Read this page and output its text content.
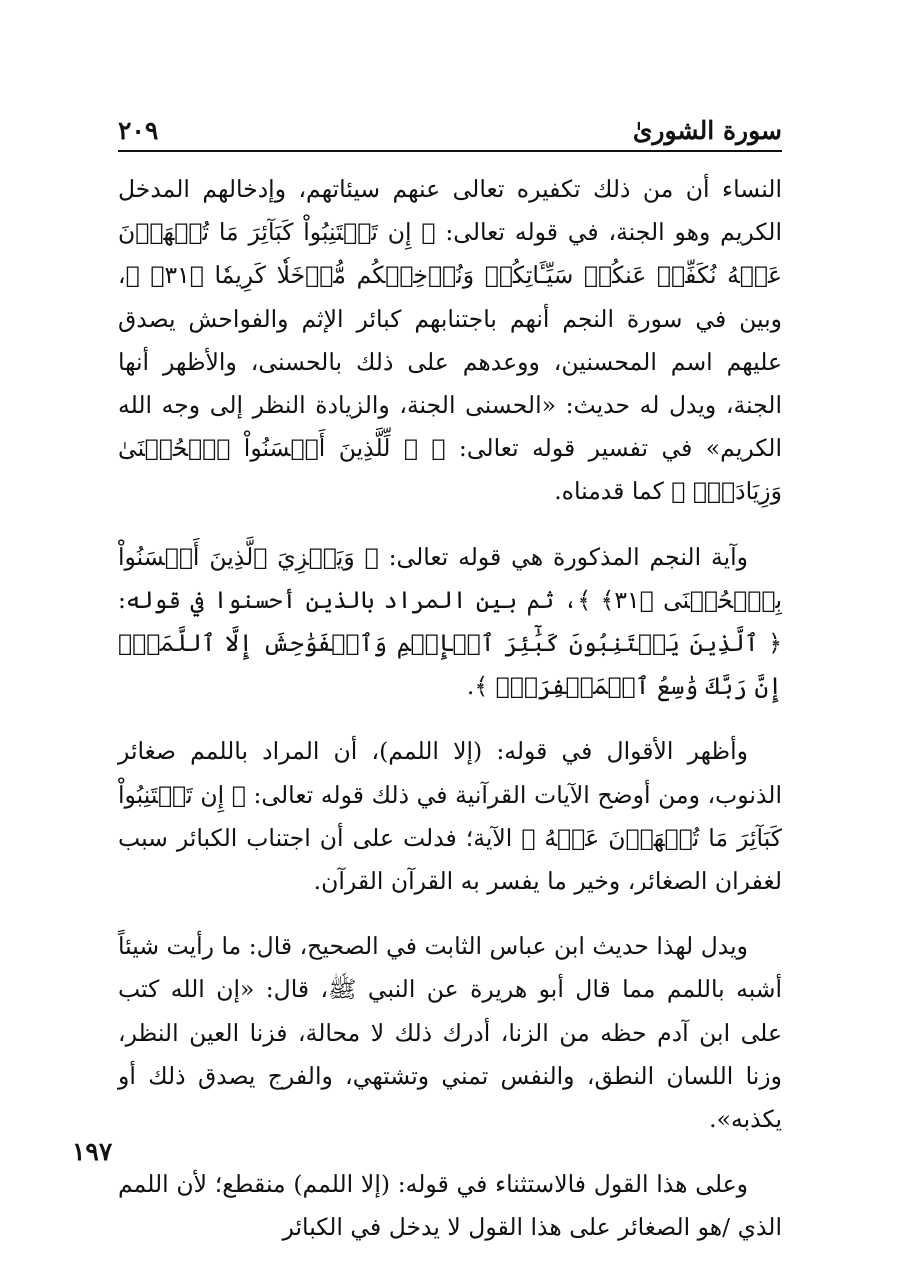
سورة الشورىٰ
٢٠٩

النساء أن من ذلك تكفيره تعالى عنهم سيئاتهم، وإدخالهم المدخل الكريم وهو الجنة، في قوله تعالى: ﴿ إِن تَجۡتَنِبُواْ كَبَآئِرَ مَا تُنۡهَوۡنَ عَنۡهُ نُكَفِّرۡ عَنكُمۡ سَيِّـَٔاتِكُمۡ وَنُدۡخِلۡكُم مُّدۡخَلٗا كَرِيمٗا ﴿٣١﴾ ﴾، وبين في سورة النجم أنهم باجتنابهم كبائر الإثم والفواحش يصدق عليهم اسم المحسنين، ووعدهم على ذلك بالحسنى، والأظهر أنها الجنة، ويدل له حديث: «الحسنى الجنة، والزيادة النظر إلى وجه الله الكريم» في تفسير قوله تعالى: ﴿ ۞ لِّلَّذِينَ أَحۡسَنُواْ ٱلۡحُسۡنَىٰ وَزِيَادَةٞۖ ﴾ كما قدمناه.

وآية النجم المذكورة هي قوله تعالى: ﴿ وَيَجۡزِيَ ٱلَّذِينَ أَحۡسَنُواْ بِٱلۡحُسۡنَى ﴿٣١﴾ ﴾، ثم بين المراد بالذين أحسنوا في قوله: ﴿ ٱلَّذِينَ يَجۡتَنِبُونَ كَبَٰٓئِرَ ٱلۡإِثۡمِ وَٱلۡفَوَٰحِشَ إِلَّا ٱللَّمَمَۚ إِنَّ رَبَّكَ وَٰسِعُ ٱلۡمَغۡفِرَةِۚ ﴾.

وأظهر الأقوال في قوله: (إلا اللمم)، أن المراد باللمم صغائر الذنوب، ومن أوضح الآيات القرآنية في ذلك قوله تعالى: ﴿ إِن تَجۡتَنِبُواْ كَبَآئِرَ مَا تُنۡهَوۡنَ عَنۡهُ ﴾ الآية؛ فدلت على أن اجتناب الكبائر سبب لغفران الصغائر، وخير ما يفسر به القرآن القرآن.

ويدل لهذا حديث ابن عباس الثابت في الصحيح، قال: ما رأيت شيئاً أشبه باللمم مما قال أبو هريرة عن النبي ﷺ، قال: «إن الله كتب على ابن آدم حظه من الزنا، أدرك ذلك لا محالة، فزنا العين النظر، وزنا اللسان النطق، والنفس تمني وتشتهي، والفرج يصدق ذلك أو يكذبه».

وعلى هذا القول فالاستثناء في قوله: (إلا اللمم) منقطع؛ لأن اللمم الذي /هو الصغائر على هذا القول لا يدخل في الكبائر

١٩٧
